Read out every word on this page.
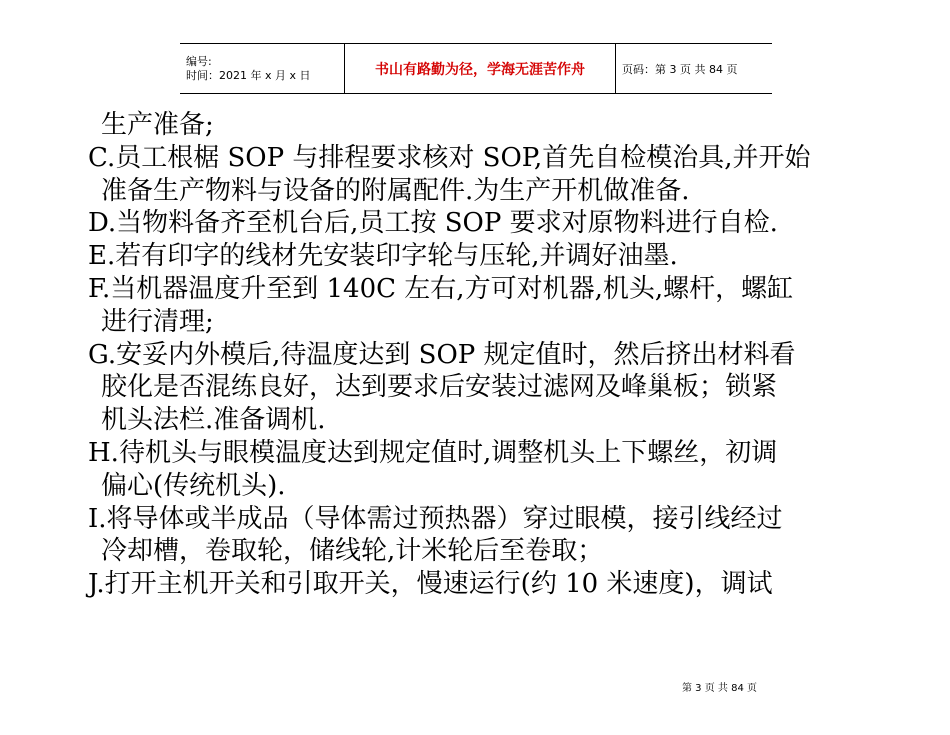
编号:
时间：2021 年 x 月 x 日	书山有路勤为径，学海无涯苦作舟	页码：第 3 页 共 84 页
生产准备;
C.员工根椐 SOP 与排程要求核对 SOP,首先自检模治具,并开始
准备生产物料与设备的附属配件.为生产开机做准备.
D.当物料备齐至机台后,员工按 SOP 要求对原物料进行自检.
E.若有印字的线材先安装印字轮与压轮,并调好油墨.
F.当机器温度升至到 140C 左右,方可对机器,机头,螺杆，螺缸
进行清理;
G.安妥内外模后,待温度达到 SOP 规定值时，然后挤出材料看
胶化是否混练良好，达到要求后安装过滤网及峰巢板；锁紧
机头法栏.准备调机.
H.待机头与眼模温度达到规定值时,调整机头上下螺丝，初调
偏心(传统机头).
I.将导体或半成品（导体需过预热器）穿过眼模，接引线经过
冷却槽，卷取轮，储线轮,计米轮后至卷取；
J.打开主机开关和引取开关，慢速运行(约 10 米速度)，调试
第 3 页 共 84 页
